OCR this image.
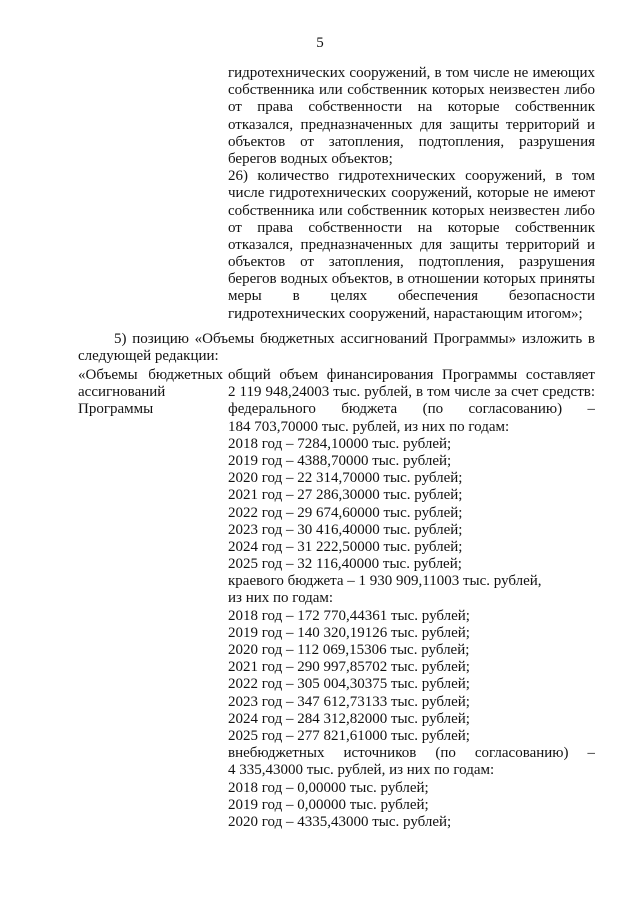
5
гидротехнических сооружений, в том числе не имеющих
собственника или собственник которых неизвестен либо
от права собственности на которые собственник
отказался, предназначенных для защиты территорий и
объектов от затопления, подтопления, разрушения
берегов водных объектов;
26) количество гидротехнических сооружений, в том
числе гидротехнических сооружений, которые не имеют
собственника или собственник которых неизвестен либо
от права собственности на которые собственник
отказался, предназначенных для защиты территорий и
объектов от затопления, подтопления, разрушения
берегов водных объектов, в отношении которых приняты
меры в целях обеспечения безопасности
гидротехнических сооружений, нарастающим итогом»;
5) позицию «Объемы бюджетных ассигнований Программы» изложить в
следующей редакции:
«Объемы бюджетных
ассигнований
Программы
общий объем финансирования Программы составляет
2 119 948,24003 тыс. рублей, в том числе за счет средств:
федерального бюджета (по согласованию) –
184 703,70000 тыс. рублей, из них по годам:
2018 год – 7284,10000 тыс. рублей;
2019 год – 4388,70000 тыс. рублей;
2020 год – 22 314,70000 тыс. рублей;
2021 год – 27 286,30000 тыс. рублей;
2022 год – 29 674,60000 тыс. рублей;
2023 год – 30 416,40000 тыс. рублей;
2024 год – 31 222,50000 тыс. рублей;
2025 год – 32 116,40000 тыс. рублей;
краевого бюджета – 1 930 909,11003 тыс. рублей,
из них по годам:
2018 год – 172 770,44361 тыс. рублей;
2019 год – 140 320,19126 тыс. рублей;
2020 год – 112 069,15306 тыс. рублей;
2021 год – 290 997,85702 тыс. рублей;
2022 год – 305 004,30375 тыс. рублей;
2023 год – 347 612,73133 тыс. рублей;
2024 год – 284 312,82000 тыс. рублей;
2025 год – 277 821,61000 тыс. рублей;
внебюджетных источников (по согласованию) –
4 335,43000 тыс. рублей, из них по годам:
2018 год – 0,00000 тыс. рублей;
2019 год – 0,00000 тыс. рублей;
2020 год – 4335,43000 тыс. рублей;
